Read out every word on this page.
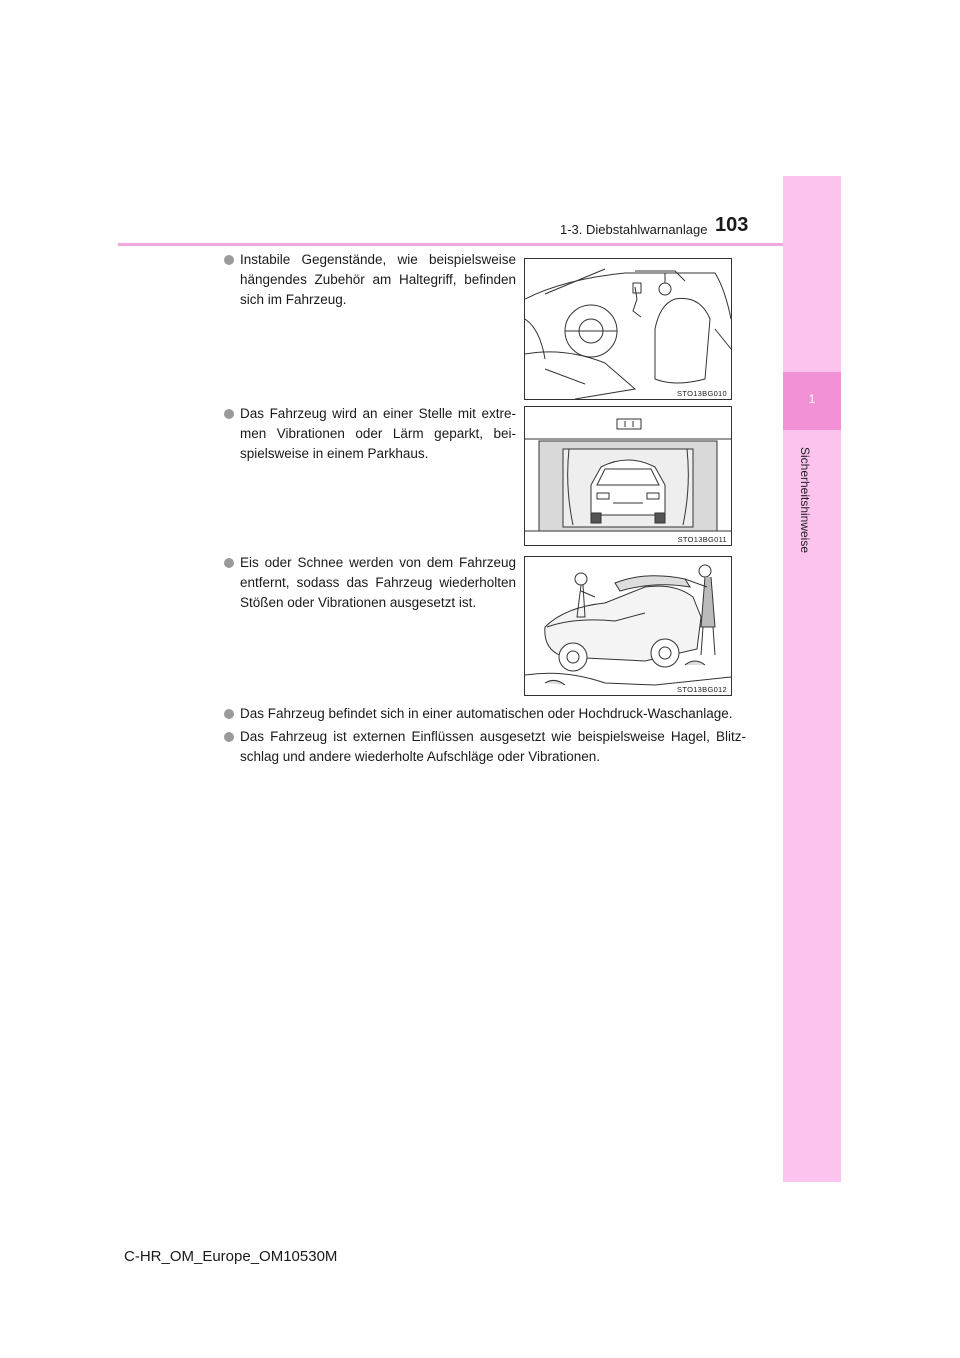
1
Sicherheitshinweise
1-3. Diebstahlwarnanlage 103
Instabile Gegenstände, wie beispielsweise hängendes Zubehör am Haltegriff, befinden sich im Fahrzeug.
Das Fahrzeug wird an einer Stelle mit extre-men Vibrationen oder Lärm geparkt, bei-spielsweise in einem Parkhaus.
Eis oder Schnee werden von dem Fahrzeug entfernt, sodass das Fahrzeug wiederholten Stößen oder Vibrationen ausgesetzt ist.
Das Fahrzeug befindet sich in einer automatischen oder Hochdruck-Waschanlage.
Das Fahrzeug ist externen Einflüssen ausgesetzt wie beispielsweise Hagel, Blitz-schlag und andere wiederholte Aufschläge oder Vibrationen.
STO13BG010
STO13BG011
STO13BG012
C-HR_OM_Europe_OM10530M
